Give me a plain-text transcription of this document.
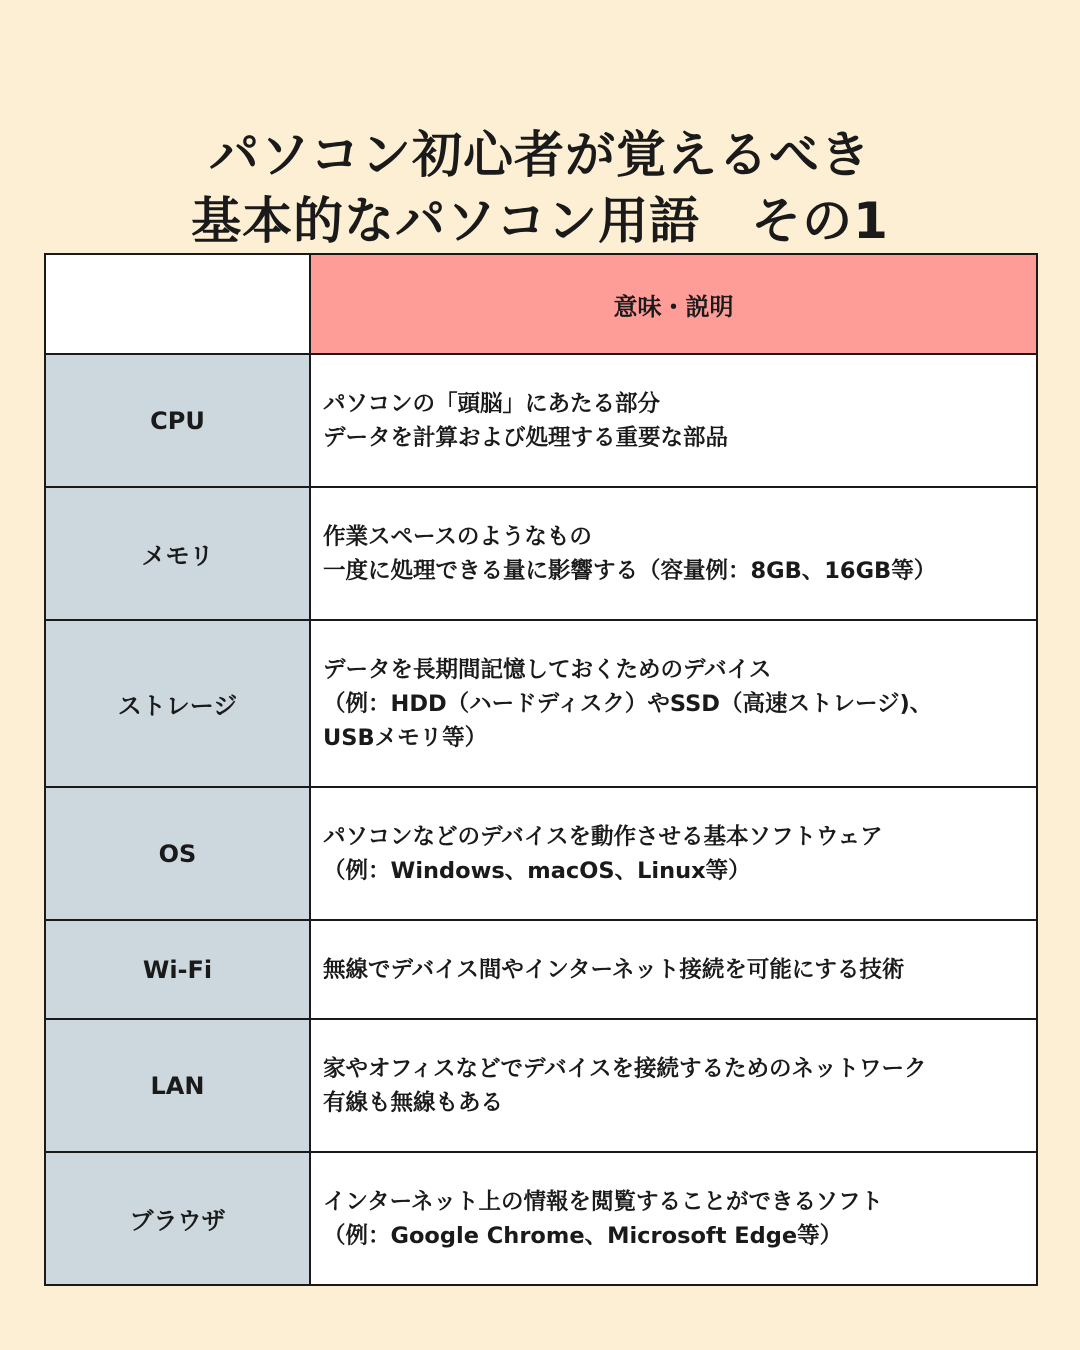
パソコン初心者が覚えるべき
基本的なパソコン用語　その1
	意味・説明
CPU	パソコンの「頭脳」にあたる部分
データを計算および処理する重要な部品
メモリ	作業スペースのようなもの
一度に処理できる量に影響する（容量例：8GB、16GB等）
ストレージ	データを長期間記憶しておくためのデバイス
（例：HDD（ハードディスク）やSSD（高速ストレージ)、
USBメモリ等）
OS	パソコンなどのデバイスを動作させる基本ソフトウェア
（例：Windows、macOS、Linux等）
Wi-Fi	無線でデバイス間やインターネット接続を可能にする技術
LAN	家やオフィスなどでデバイスを接続するためのネットワーク
有線も無線もある
ブラウザ	インターネット上の情報を閲覧することができるソフト
（例：Google Chrome、Microsoft Edge等）
